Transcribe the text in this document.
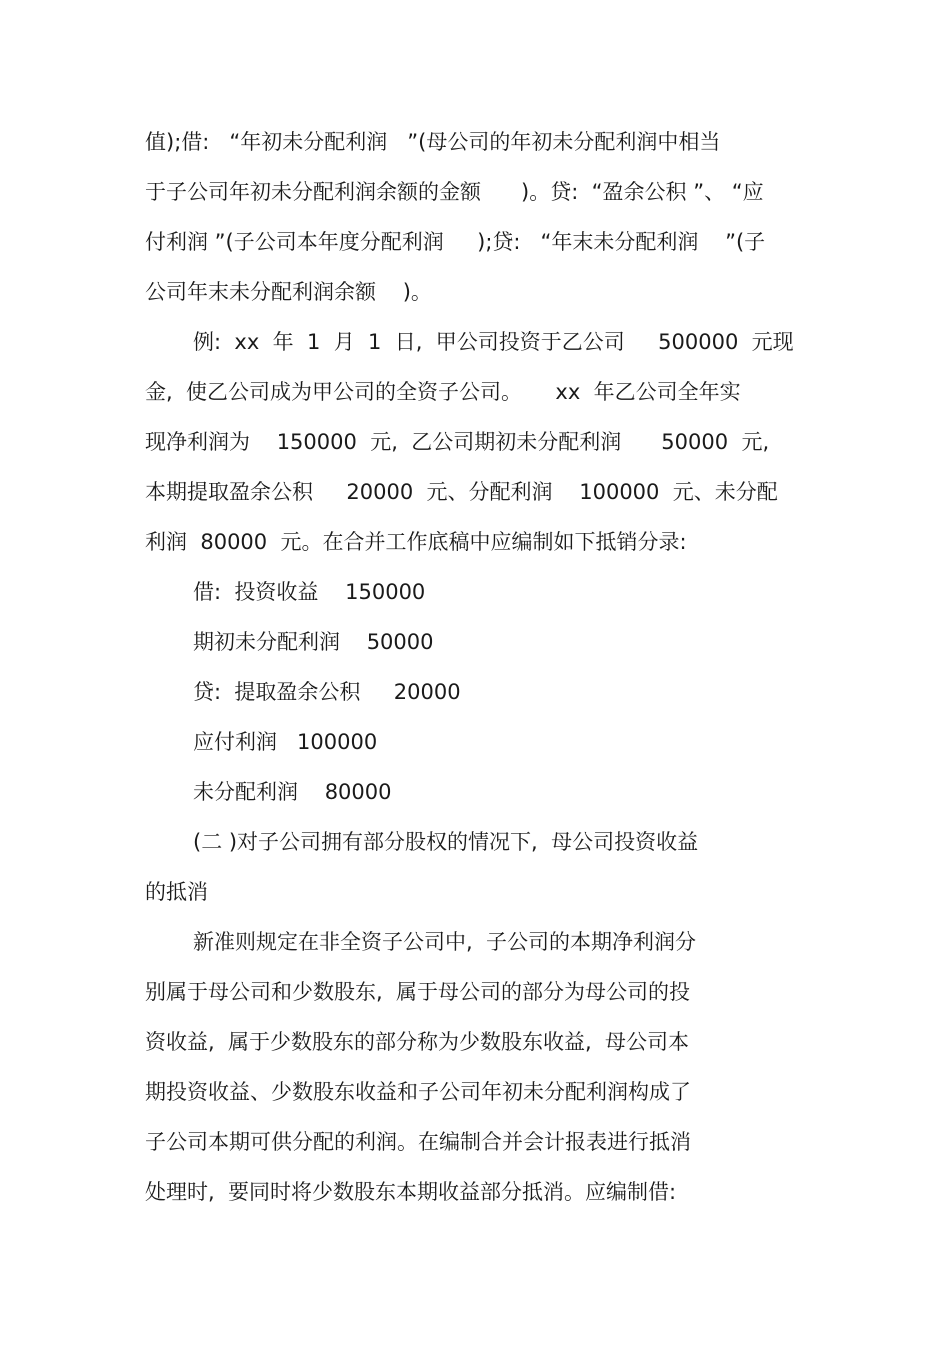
值);借:   “年初未分配利润   ”(母公司的年初未分配利润中相当
于子公司年初未分配利润余额的金额      )。贷:  “盈余公积 ”、 “应
付利润 ”(子公司本年度分配利润     );贷:   “年末未分配利润    ”(子
公司年末未分配利润余额    )。
例:  xx  年  1  月  1  日,  甲公司投资于乙公司     500000  元现
金,  使乙公司成为甲公司的全资子公司。     xx  年乙公司全年实
现净利润为    150000  元,  乙公司期初未分配利润      50000  元,
本期提取盈余公积     20000  元、分配利润    100000  元、未分配
利润  80000  元。在合并工作底稿中应编制如下抵销分录:
借:  投资收益    150000
期初未分配利润    50000
贷:  提取盈余公积     20000
应付利润   100000
未分配利润    80000
(二 )对子公司拥有部分股权的情况下,  母公司投资收益
的抵消
新准则规定在非全资子公司中,  子公司的本期净利润分
别属于母公司和少数股东,  属于母公司的部分为母公司的投
资收益,  属于少数股东的部分称为少数股东收益,  母公司本
期投资收益、少数股东收益和子公司年初未分配利润构成了
子公司本期可供分配的利润。在编制合并会计报表进行抵消
处理时,  要同时将少数股东本期收益部分抵消。应编制借:
